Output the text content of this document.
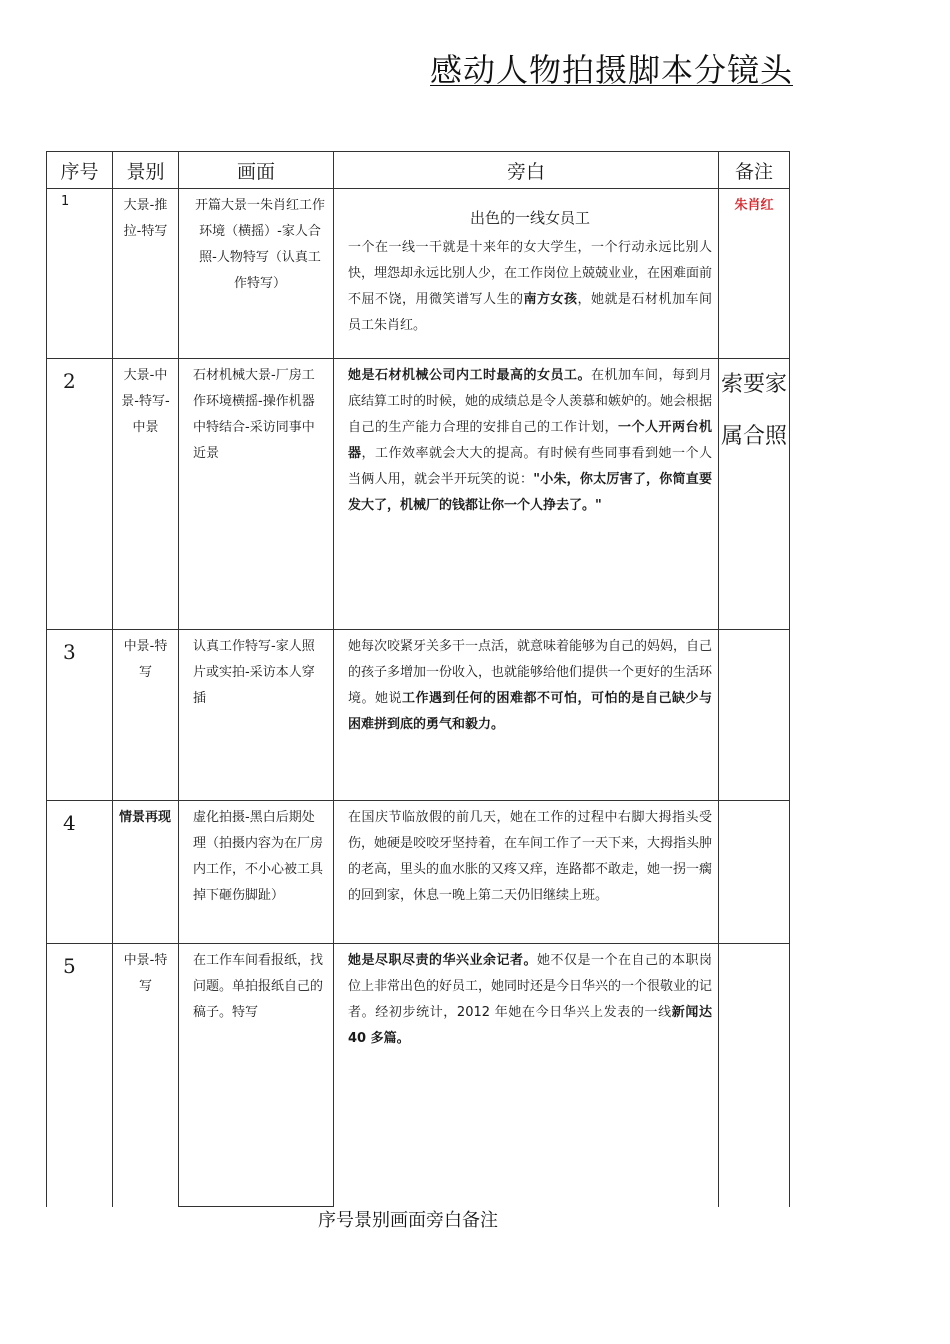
感动人物拍摄脚本分镜头
序号	景别	画面	旁白	备注

1	大景-推拉-特写	开篇大景一朱肖红工作环境（横摇）-家人合照-人物特写（认真工作特写）	出色的一线女员工
一个在一线一干就是十来年的女大学生，一个行动永远比别人快，埋怨却永远比别人少，在工作岗位上兢兢业业，在困难面前不屈不饶，用微笑谱写人生的南方女孩，她就是石材机加车间员工朱肖红。	朱肖红

2	大景-中景-特写-中景	石材机械大景-厂房工作环境横摇-操作机器中特结合-采访同事中近景	她是石材机械公司内工时最高的女员工。在机加车间，每到月底结算工时的时候，她的成绩总是令人羡慕和嫉妒的。她会根据自己的生产能力合理的安排自己的工作计划，一个人开两台机器，工作效率就会大大的提高。有时候有些同事看到她一个人当俩人用，就会半开玩笑的说："小朱，你太厉害了，你简直要发大了，机械厂的钱都让你一个人挣去了。"	索要家属合照

3	中景-特写	认真工作特写-家人照片或实拍-采访本人穿插	她每次咬紧牙关多干一点活，就意味着能够为自己的妈妈，自己的孩子多增加一份收入，也就能够给他们提供一个更好的生活环境。她说工作遇到任何的困难都不可怕，可怕的是自己缺少与困难拼到底的勇气和毅力。	

4	情景再现	虚化拍摄-黑白后期处理（拍摄内容为在厂房内工作，不小心被工具掉下砸伤脚趾）	在国庆节临放假的前几天，她在工作的过程中右脚大拇指头受伤，她硬是咬咬牙坚持着，在车间工作了一天下来，大拇指头肿的老高，里头的血水胀的又疼又痒，连路都不敢走，她一拐一瘸的回到家，休息一晚上第二天仍旧继续上班。	

5	中景-特写	在工作车间看报纸，找问题。单拍报纸自己的稿子。特写	她是尽职尽责的华兴业余记者。她不仅是一个在自己的本职岗位上非常出色的好员工，她同时还是今日华兴的一个很敬业的记者。经初步统计，2012 年她在今日华兴上发表的一线新闻达 40 多篇。	

序号景别画面旁白备注
